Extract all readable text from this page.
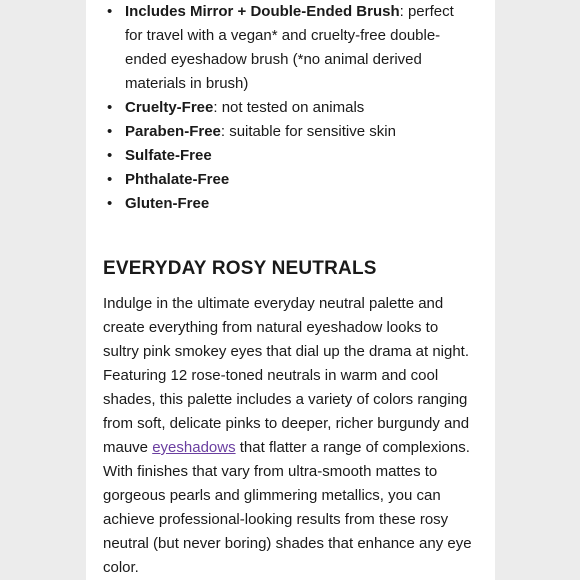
• Includes Mirror + Double-Ended Brush: perfect for travel with a vegan* and cruelty-free double-ended eyeshadow brush (*no animal derived materials in brush)
• Cruelty-Free: not tested on animals
• Paraben-Free: suitable for sensitive skin
• Sulfate-Free
• Phthalate-Free
• Gluten-Free
EVERYDAY ROSY NEUTRALS

Indulge in the ultimate everyday neutral palette and create everything from natural eyeshadow looks to sultry pink smokey eyes that dial up the drama at night. Featuring 12 rose-toned neutrals in warm and cool shades, this palette includes a variety of colors ranging from soft, delicate pinks to deeper, richer burgundy and mauve eyeshadows that flatter a range of complexions. With finishes that vary from ultra-smooth mattes to gorgeous pearls and glimmering metallics, you can achieve professional-looking results from these rosy neutral (but never boring) shades that enhance any eye color.
